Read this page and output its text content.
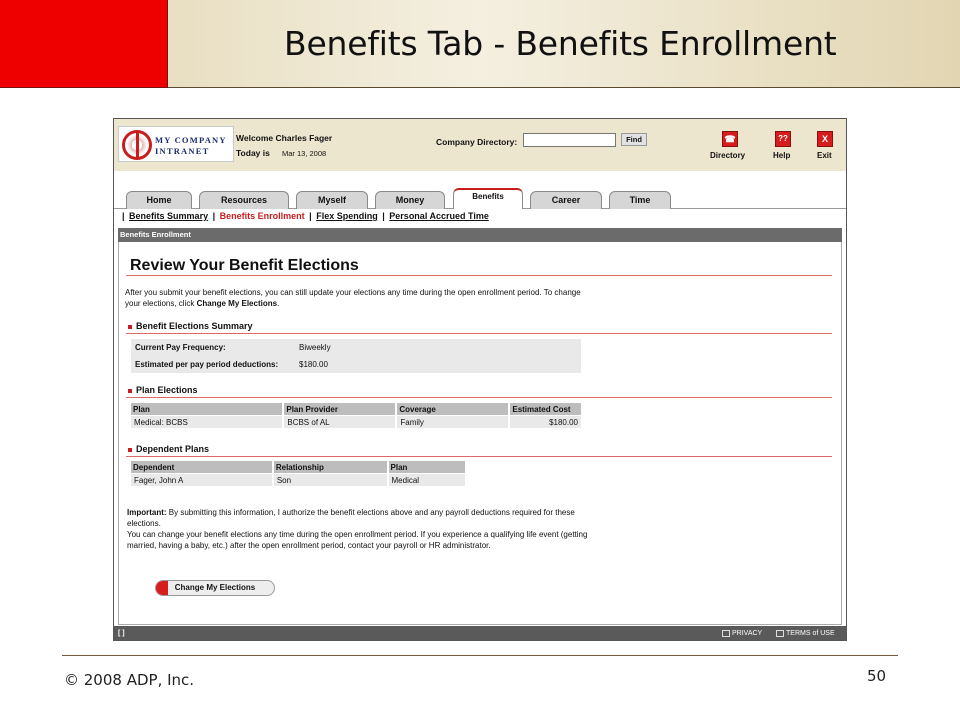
Benefits Tab - Benefits Enrollment
MY COMPANY
INTRANET
Welcome Charles Fager
Today is Mar 13, 2008
Company Directory:	Find	☎
Directory
??
Help
X
Exit
Home	Resources	Myself	Money	Benefits	Career	Time
| Benefits Summary | Benefits Enrollment | Flex Spending | Personal Accrued Time
Benefits Enrollment
Review Your Benefit Elections
After you submit your benefit elections, you can still update your elections any time during the open enrollment period. To change your elections, click Change My Elections.
Benefit Elections Summary
Current Pay Frequency:	Biweekly
Estimated per pay period deductions:	$180.00
Plan Elections
Plan	Plan Provider	Coverage	Estimated Cost
Medical: BCBS	BCBS of AL	Family	$180.00
Dependent Plans
Dependent	Relationship	Plan
Fager, John A	Son	Medical
Important: By submitting this information, I authorize the benefit elections above and any payroll deductions required for these elections.
You can change your benefit elections any time during the open enrollment period. If you experience a qualifying life event (getting married, having a baby, etc.) after the open enrollment period, contact your payroll or HR administrator.
Change My Elections
[ ]	PRIVACY	TERMS of USE
© 2008 ADP, Inc.	50
